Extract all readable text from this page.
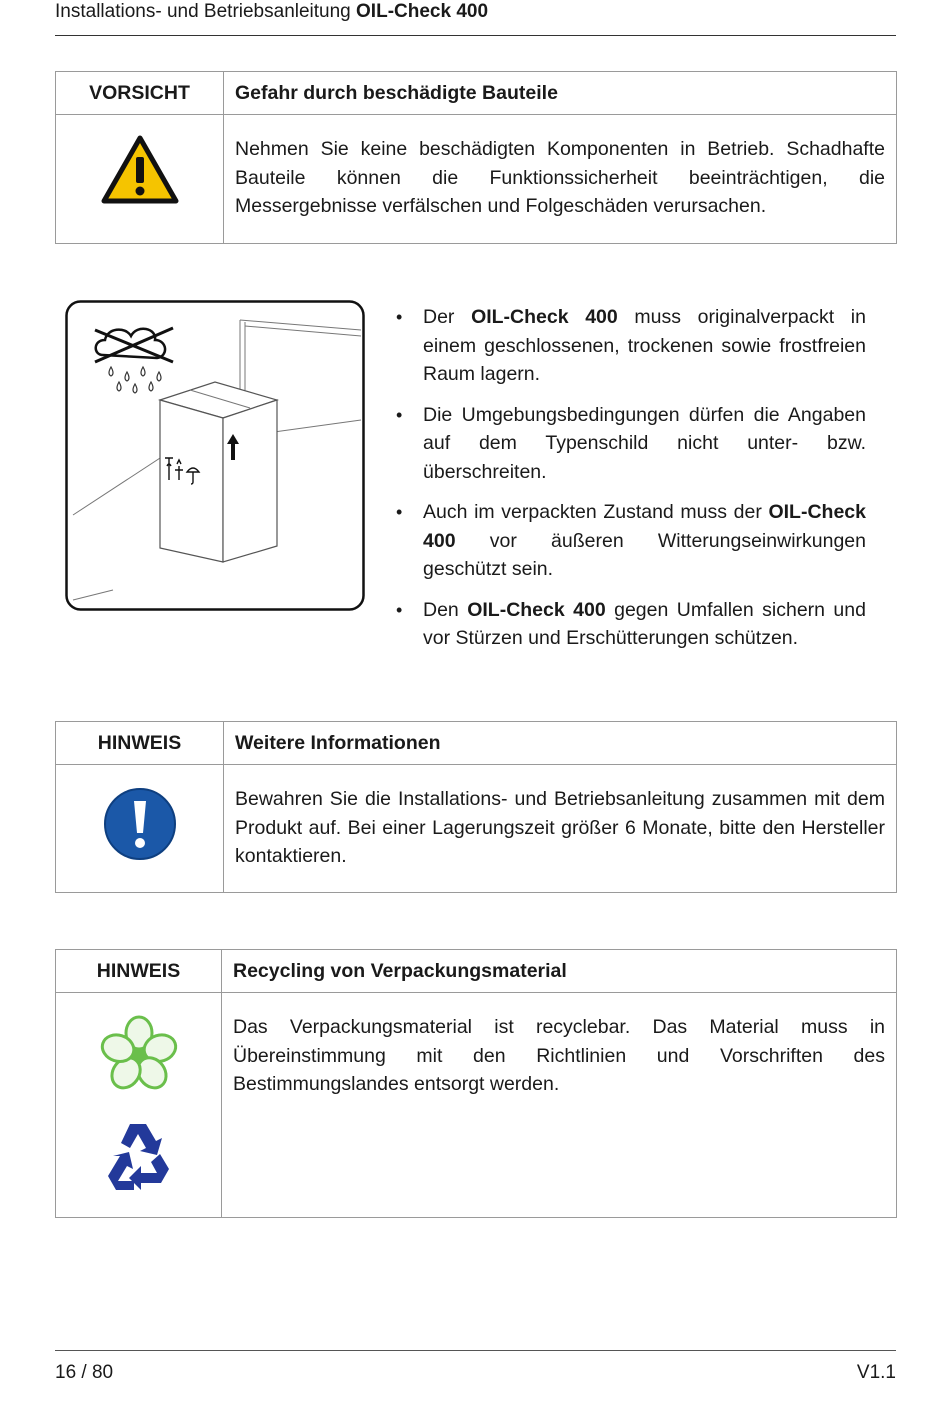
Installations- und Betriebsanleitung OIL-Check 400
VORSICHT	Gefahr durch beschädigte Bauteile
	Nehmen Sie keine beschädigten Komponenten in Betrieb. Schadhafte Bauteile können die Funktionssicherheit beeinträchtigen, die Messergebnisse verfälschen und Folgeschäden verursachen.
• Der OIL-Check 400 muss originalverpackt in einem geschlossenen, trockenen sowie frostfreien Raum lagern.
• Die Umgebungsbedingungen dürfen die Angaben auf dem Typenschild nicht unter- bzw. überschreiten.
• Auch im verpackten Zustand muss der OIL-Check 400 vor äußeren Witterungseinwirkungen geschützt sein.
• Den OIL-Check 400 gegen Umfallen sichern und vor Stürzen und Erschütterungen schützen.
HINWEIS	Weitere Informationen
	Bewahren Sie die Installations- und Betriebsanleitung zusammen mit dem Produkt auf. Bei einer Lagerungszeit größer 6 Monate, bitte den Hersteller kontaktieren.
HINWEIS	Recycling von Verpackungsmaterial

	Das Verpackungsmaterial ist recyclebar. Das Material muss in Übereinstimmung mit den Richtlinien und Vorschriften des Bestimmungslandes entsorgt werden.
16 / 80	V1.1
